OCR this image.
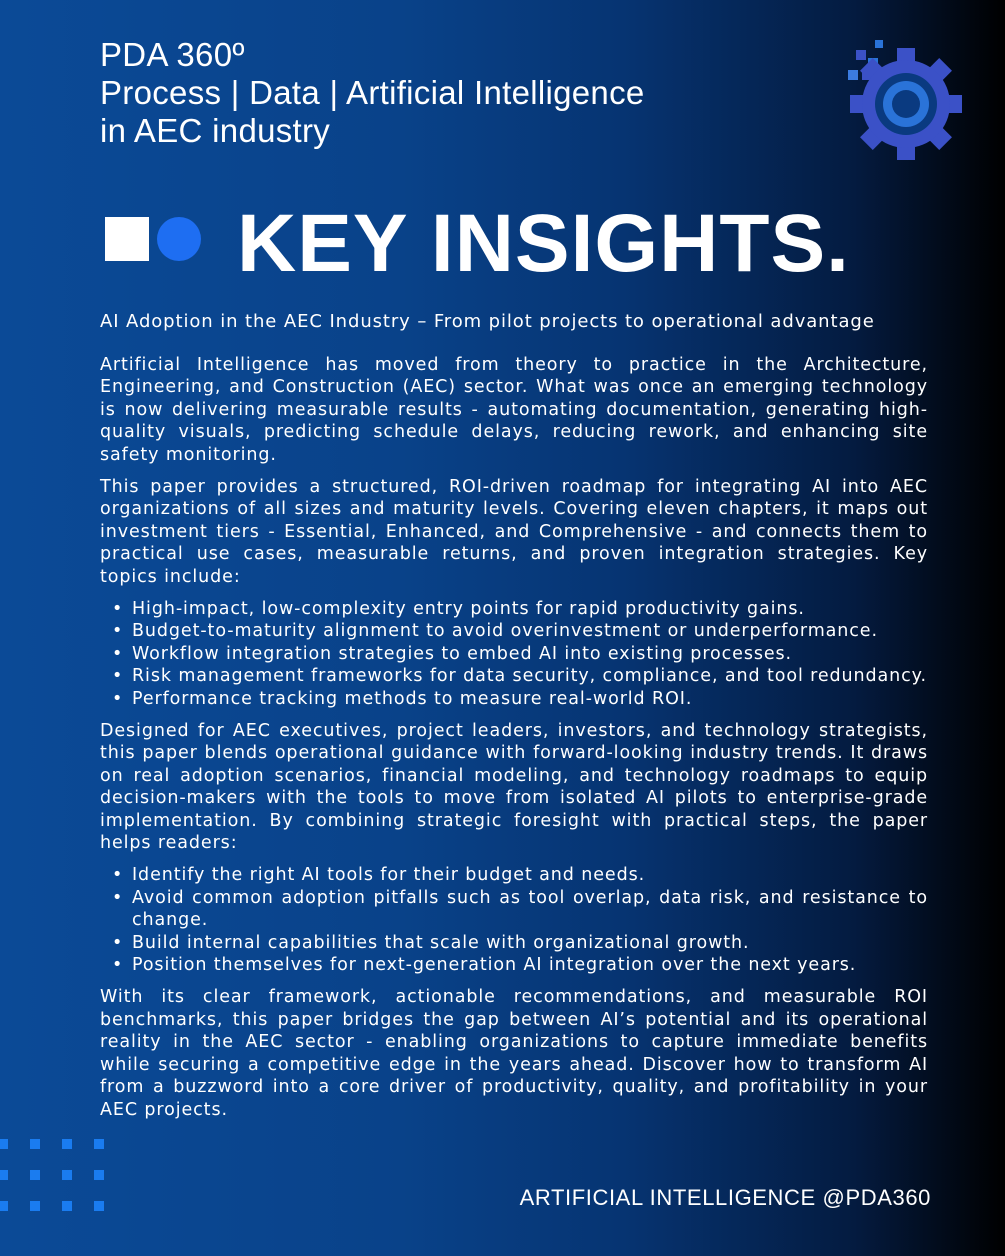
PDA 360º
Process | Data | Artificial Intelligence
in AEC industry
KEY INSIGHTS.

AI Adoption in the AEC Industry – From pilot projects to operational advantage

Artificial Intelligence has moved from theory to practice in the Architecture, Engineering, and Construction (AEC) sector. What was once an emerging technology is now delivering measurable results - automating documentation, generating high-quality visuals, predicting schedule delays, reducing rework, and enhancing site safety monitoring.

This paper provides a structured, ROI-driven roadmap for integrating AI into AEC organizations of all sizes and maturity levels. Covering eleven chapters, it maps out investment tiers - Essential, Enhanced, and Comprehensive - and connects them to practical use cases, measurable returns, and proven integration strategies. Key topics include:

• High-impact, low-complexity entry points for rapid productivity gains.
• Budget-to-maturity alignment to avoid overinvestment or underperformance.
• Workflow integration strategies to embed AI into existing processes.
• Risk management frameworks for data security, compliance, and tool redundancy.
• Performance tracking methods to measure real-world ROI.

Designed for AEC executives, project leaders, investors, and technology strategists, this paper blends operational guidance with forward-looking industry trends. It draws on real adoption scenarios, financial modeling, and technology roadmaps to equip decision-makers with the tools to move from isolated AI pilots to enterprise-grade implementation. By combining strategic foresight with practical steps, the paper helps readers:

• Identify the right AI tools for their budget and needs.
• Avoid common adoption pitfalls such as tool overlap, data risk, and resistance to change.
• Build internal capabilities that scale with organizational growth.
• Position themselves for next-generation AI integration over the next years.

With its clear framework, actionable recommendations, and measurable ROI benchmarks, this paper bridges the gap between AI’s potential and its operational reality in the AEC sector - enabling organizations to capture immediate benefits while securing a competitive edge in the years ahead. Discover how to transform AI from a buzzword into a core driver of productivity, quality, and profitability in your AEC projects.

ARTIFICIAL INTELLIGENCE @PDA360
